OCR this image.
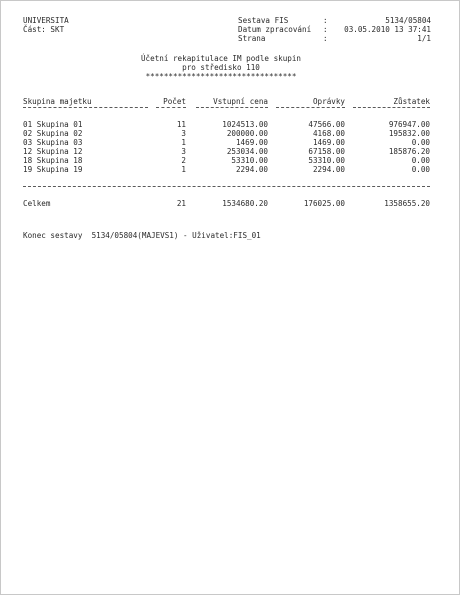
UNIVERSITA
Část: SKT
Sestava FIS	:	5134/05804
Datum zpracování :	03.05.2010 13 37:41
Strana	:	1/1
Účetní rekapitulace IM podle skupin
pro středisko 110
*********************************
Skupina majetku	Počet	Vstupní cena	Oprávky	Zůstatek
01 Skupina 01	11	1024513.00	47566.00	976947.00
02 Skupina 02	3	200000.00	4168.00	195832.00
03 Skupina 03	1	1469.00	1469.00	0.00
12 Skupina 12	3	253034.00	67158.00	185876.20
18 Skupina 18	2	53310.00	53310.00	0.00
19 Skupina 19	1	2294.00	2294.00	0.00
Celkem	21	1534680.20	176025.00	1358655.20
Konec sestavy  5134/05804(MAJEVS1) - Uživatel:FIS_01
